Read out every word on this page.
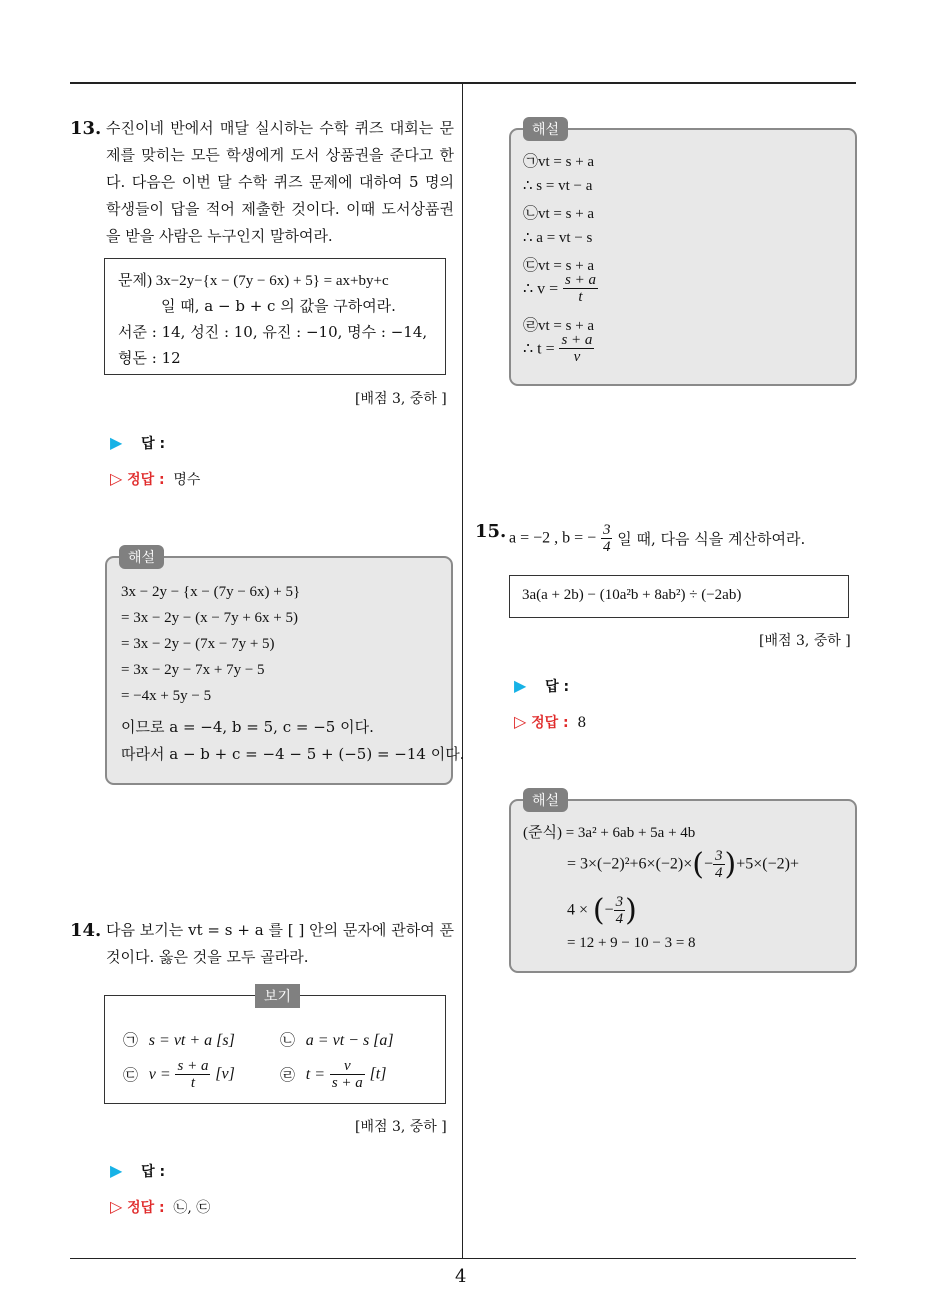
4
13. 수진이네 반에서 매달 실시하는 수학 퀴즈 대회는 문제를 맞히는 모든 학생에게 도서 상품권을 준다고 한다. 다음은 이번 달 수학 퀴즈 문제에 대하여 5 명의 학생들이 답을 적어 제출한 것이다. 이때 도서상품권을 받을 사람은 누구인지 말하여라.
문제) 3x−2y−{x − (7y − 6x) + 5} = ax+by+c
일 때, a − b + c 의 값을 구하여라.
서준 : 14, 성진 : 10, 유진 : −10, 명수 : −14,
형돈 : 12
[배점 3, 중하 ]
▶ 답 :
▷ 정답 : 명수
3x − 2y − {x − (7y − 6x) + 5}
= 3x − 2y − (x − 7y + 6x + 5)
= 3x − 2y − (7x − 7y + 5)
= 3x − 2y − 7x + 7y − 5
= −4x + 5y − 5
이므로 a = −4, b = 5, c = −5 이다.
따라서 a − b + c = −4 − 5 + (−5) = −14 이다.
해설
14. 다음 보기는 vt = s + a 를 [ ] 안의 문자에 관하여 푼 것이다. 옳은 것을 모두 골라라.
㉠ s = vt + a [s]	㉡ a = vt − s [a]
㉢ $v = \frac{s + a}{t} [v]$	㉣ $t = \frac{v}{s + a} [t]$
보기
[배점 3, 중하 ]
▶ 답 :
▷ 정답 : ㉡, ㉢
㉠vt = s + a
∴ s = vt − a
㉡vt = s + a
∴ a = vt − s
㉢vt = s + a
∴ $v = \frac{s + a}{t}$
㉣vt = s + a
∴ $t = \frac{s + a}{v}$
해설
15. a = −2 , b = − $\frac{3}{4}$ 일 때, 다음 식을 계산하여라.
3a(a + 2b) − (10a²b + 8ab²) ÷ (−2ab)
[배점 3, 중하 ]
▶ 답 :
▷ 정답 : 8
(준식) = 3a² + 6ab + 5a + 4b
= $3\times(-2)^2+6\times(-2)\times(- \frac{3}{4} )+5\times(-2)+$
4 × (− $\frac{3}{4}$ )
= 12 + 9 − 10 − 3 = 8
해설
